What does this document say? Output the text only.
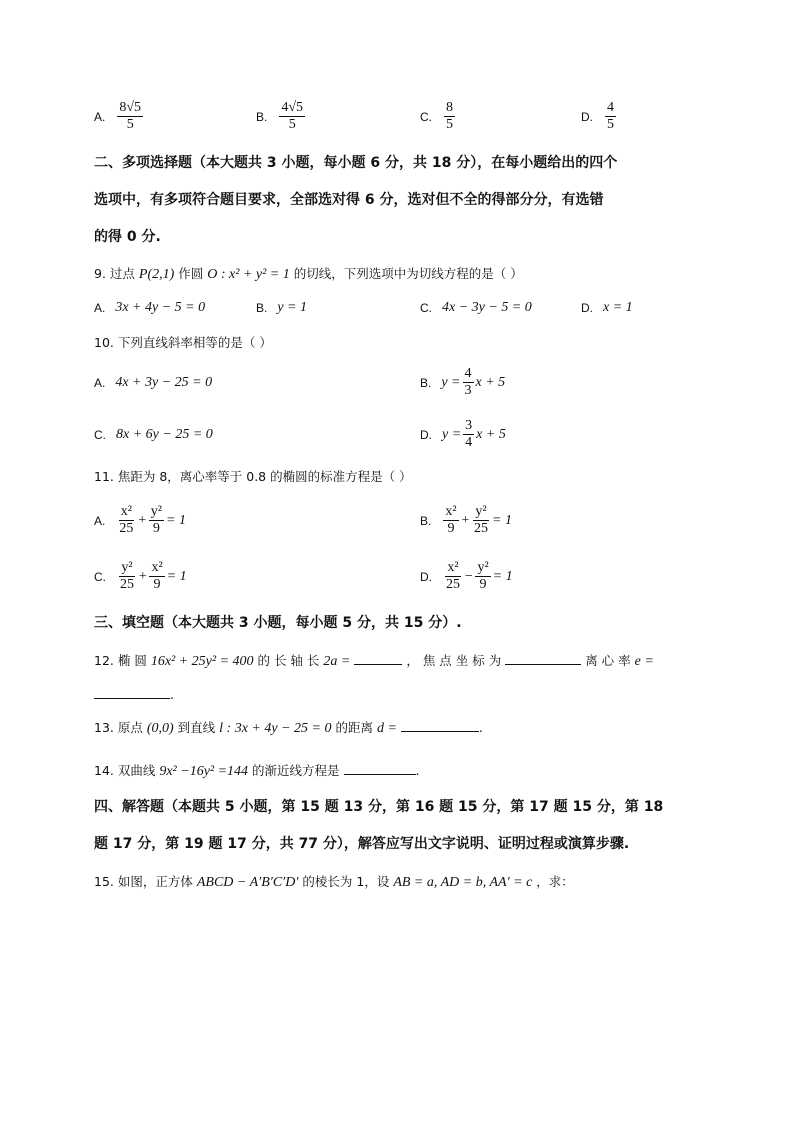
A. $\frac{8√5}{5}$	B. $\frac{4√5}{5}$	C. $\frac{8}{5}$	D. $\frac{4}{5}$
二、多项选择题（本大题共 3 小题，每小题 6 分，共 18 分），在每小题给出的四个
选项中，有多项符合题目要求，全部选对得 6 分，选对但不全的得部分分，有选错
的得 0 分.
9. 过点 P(2,1) 作圆 O : x² + y² = 1 的切线，下列选项中为切线方程的是（ ）
A. 3x + 4y − 5 = 0	B. y = 1	C. 4x − 3y − 5 = 0	D. x = 1
10. 下列直线斜率相等的是（ ）
A. 4x + 3y − 25 = 0	B. $y = \frac{4}{3}$ x + 5
C. 8x + 6y − 25 = 0	D. $y = \frac{3}{4}$ x + 5
11. 焦距为 8，离心率等于 0.8 的椭圆的标准方程是（ ）
A. $\frac{\text{x²}}{25} + \frac{\text{y²}}{9} = 1$	B. $\frac{\text{x²}}{9} + \frac{\text{y²}}{25} = 1$
C. $\frac{\text{y²}}{25} + \frac{\text{x²}}{9} = 1$	D. $\frac{\text{x²}}{25} - \frac{\text{y²}}{9} = 1$
三、填空题（本大题共 3 小题，每小题 5 分，共 15 分）.
12. 椭 圆 16x² + 25y² = 400 的 长 轴 长 2a =	， 焦 点 坐 标 为	离 心 率 e =
.
13. 原点 (0,0) 到直线 l : 3x + 4y − 25 = 0 的距离 d =	.
14. 双曲线 9x² −16y² =144 的渐近线方程是	.
四、解答题（本题共 5 小题，第 15 题 13 分，第 16 题 15 分，第 17 题 15 分，第 18
题 17 分，第 19 题 17 分，共 77 分），解答应写出文字说明、证明过程或演算步骤.
15. 如图，正方体 ABCD − A′B′C′D′ 的棱长为 1，设 AB = a, AD = b, AA′ = c ，求：
